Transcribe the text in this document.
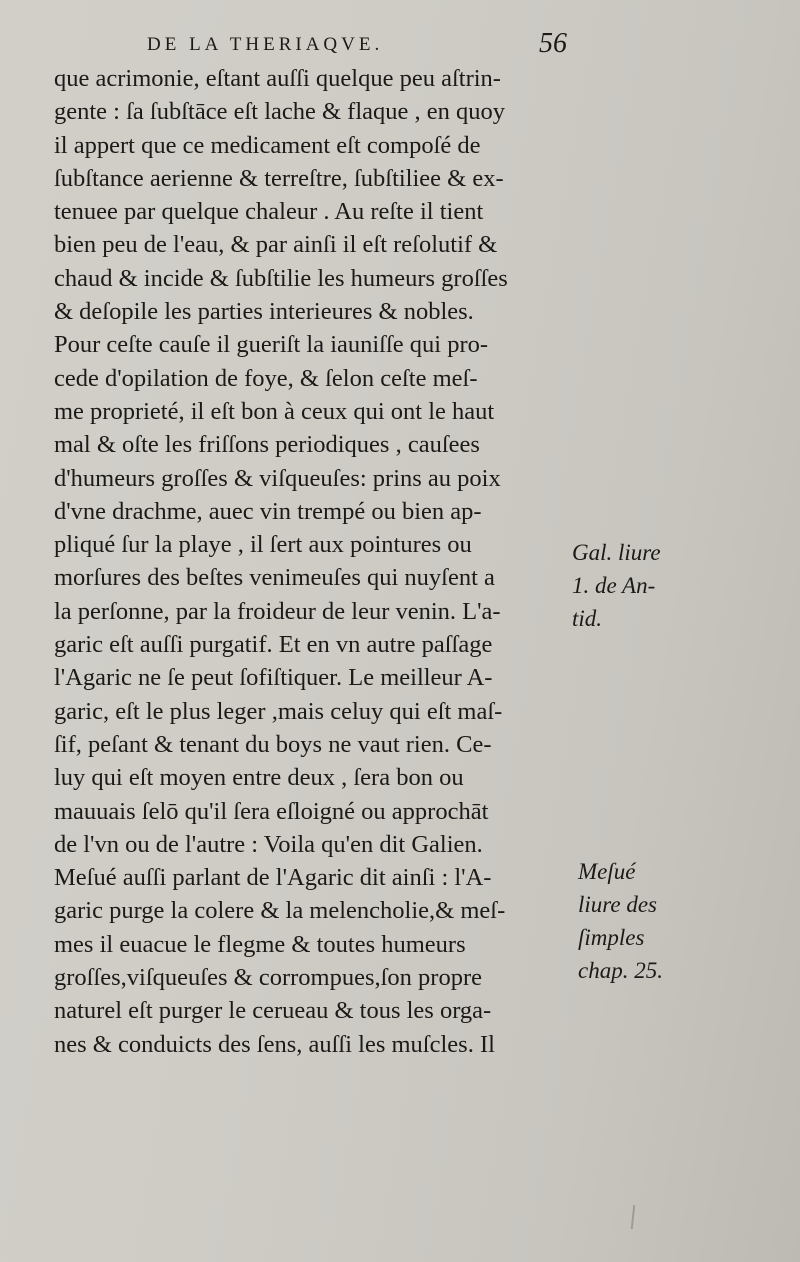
DE LA THERIAQVE.	56
que acrimonie, eſtant auſſi quelque peu aſtrin-
gente : ſa ſubſtāce eſt lache & flaque , en quoy
il appert que ce medicament eſt compoſé de
ſubſtance aerienne & terreſtre, ſubſtiliee & ex-
tenuee par quelque chaleur . Au reſte il tient
bien peu de l'eau, & par ainſi il eſt reſolutif &
chaud & incide & ſubſtilie les humeurs groſſes
& deſopile les parties interieures & nobles.
Pour ceſte cauſe il gueriſt la iauniſſe qui pro-
cede d'opilation de foye, & ſelon ceſte meſ-
me proprieté, il eſt bon à ceux qui ont le haut
mal & oſte les friſſons periodiques , cauſees
d'humeurs groſſes & viſqueuſes: prins au poix
d'vne drachme, auec vin trempé ou bien ap-
pliqué ſur la playe , il ſert aux pointures ou
morſures des beſtes venimeuſes qui nuyſent a
la perſonne, par la froideur de leur venin. L'a-
garic eſt auſſi purgatif. Et en vn autre paſſage
l'Agaric ne ſe peut ſofiſtiquer. Le meilleur A-
garic, eſt le plus leger ,mais celuy qui eſt maſ-
ſif, peſant & tenant du boys ne vaut rien. Ce-
luy qui eſt moyen entre deux , ſera bon ou
mauuais ſelō qu'il ſera eſloigné ou approchāt
de l'vn ou de l'autre : Voila qu'en dit Galien.
Meſué auſſi parlant de l'Agaric dit ainſi : l'A-
garic purge la colere & la melencholie,& meſ-
mes il euacue le flegme & toutes humeurs
groſſes,viſqueuſes & corrompues,ſon propre
naturel eſt purger le cerueau & tous les orga-
nes & conduicts des ſens, auſſi les muſcles. Il
Gal. liure
1. de An-
tid.
Meſué
liure des
ſimples
chap. 25.
